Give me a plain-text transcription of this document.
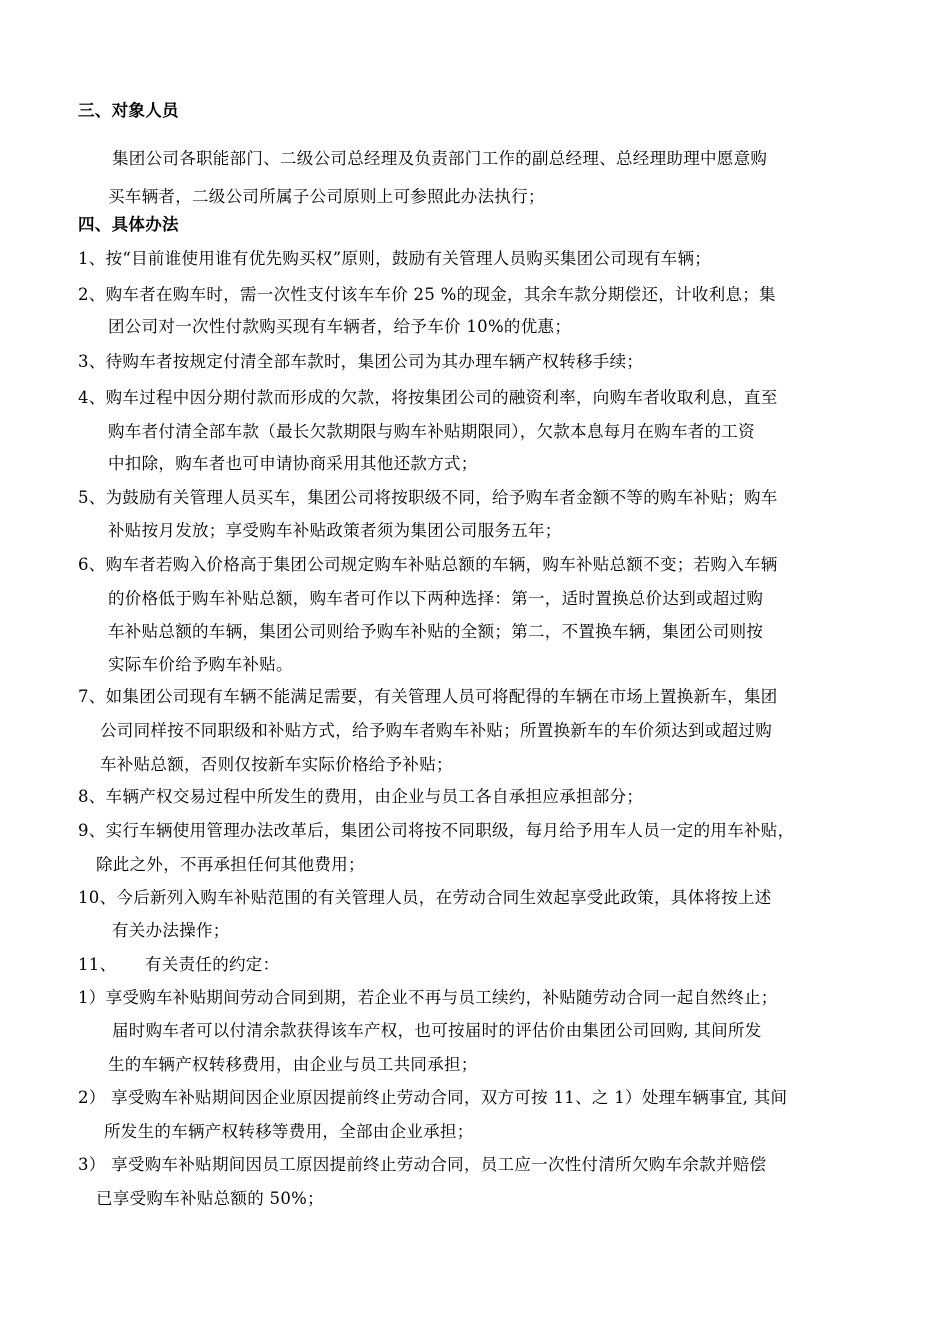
三、对象人员
集团公司各职能部门、二级公司总经理及负责部门工作的副总经理、总经理助理中愿意购
买车辆者，二级公司所属子公司原则上可参照此办法执行；
四、具体办法
1、按“目前谁使用谁有优先购买权”原则，鼓励有关管理人员购买集团公司现有车辆；
2、购车者在购车时，需一次性支付该车车价 25 %的现金，其余车款分期偿还，计收利息；集
团公司对一次性付款购买现有车辆者，给予车价 10%的优惠；
3、待购车者按规定付清全部车款时，集团公司为其办理车辆产权转移手续；
4、购车过程中因分期付款而形成的欠款，将按集团公司的融资利率，向购车者收取利息，直至
购车者付清全部车款（最长欠款期限与购车补贴期限同），欠款本息每月在购车者的工资
中扣除，购车者也可申请协商采用其他还款方式；
5、为鼓励有关管理人员买车，集团公司将按职级不同，给予购车者金额不等的购车补贴；购车
补贴按月发放；享受购车补贴政策者须为集团公司服务五年；
6、购车者若购入价格高于集团公司规定购车补贴总额的车辆，购车补贴总额不变；若购入车辆
的价格低于购车补贴总额，购车者可作以下两种选择：第一，适时置换总价达到或超过购
车补贴总额的车辆，集团公司则给予购车补贴的全额；第二，不置换车辆，集团公司则按
实际车价给予购车补贴。
7、如集团公司现有车辆不能满足需要，有关管理人员可将配得的车辆在市场上置换新车，集团
公司同样按不同职级和补贴方式，给予购车者购车补贴；所置换新车的车价须达到或超过购
车补贴总额，否则仅按新车实际价格给予补贴；
8、车辆产权交易过程中所发生的费用，由企业与员工各自承担应承担部分；
9、实行车辆使用管理办法改革后，集团公司将按不同职级，每月给予用车人员一定的用车补贴，
除此之外，不再承担任何其他费用；
10、今后新列入购车补贴范围的有关管理人员，在劳动合同生效起享受此政策，具体将按上述
有关办法操作；
11、 有关责任的约定：
1）享受购车补贴期间劳动合同到期，若企业不再与员工续约，补贴随劳动合同一起自然终止；
届时购车者可以付清余款获得该车产权，也可按届时的评估价由集团公司回购, 其间所发
生的车辆产权转移费用，由企业与员工共同承担；
2） 享受购车补贴期间因企业原因提前终止劳动合同，双方可按 11、之 1）处理车辆事宜, 其间
所发生的车辆产权转移等费用，全部由企业承担；
3） 享受购车补贴期间因员工原因提前终止劳动合同，员工应一次性付清所欠购车余款并赔偿
已享受购车补贴总额的 50%；
